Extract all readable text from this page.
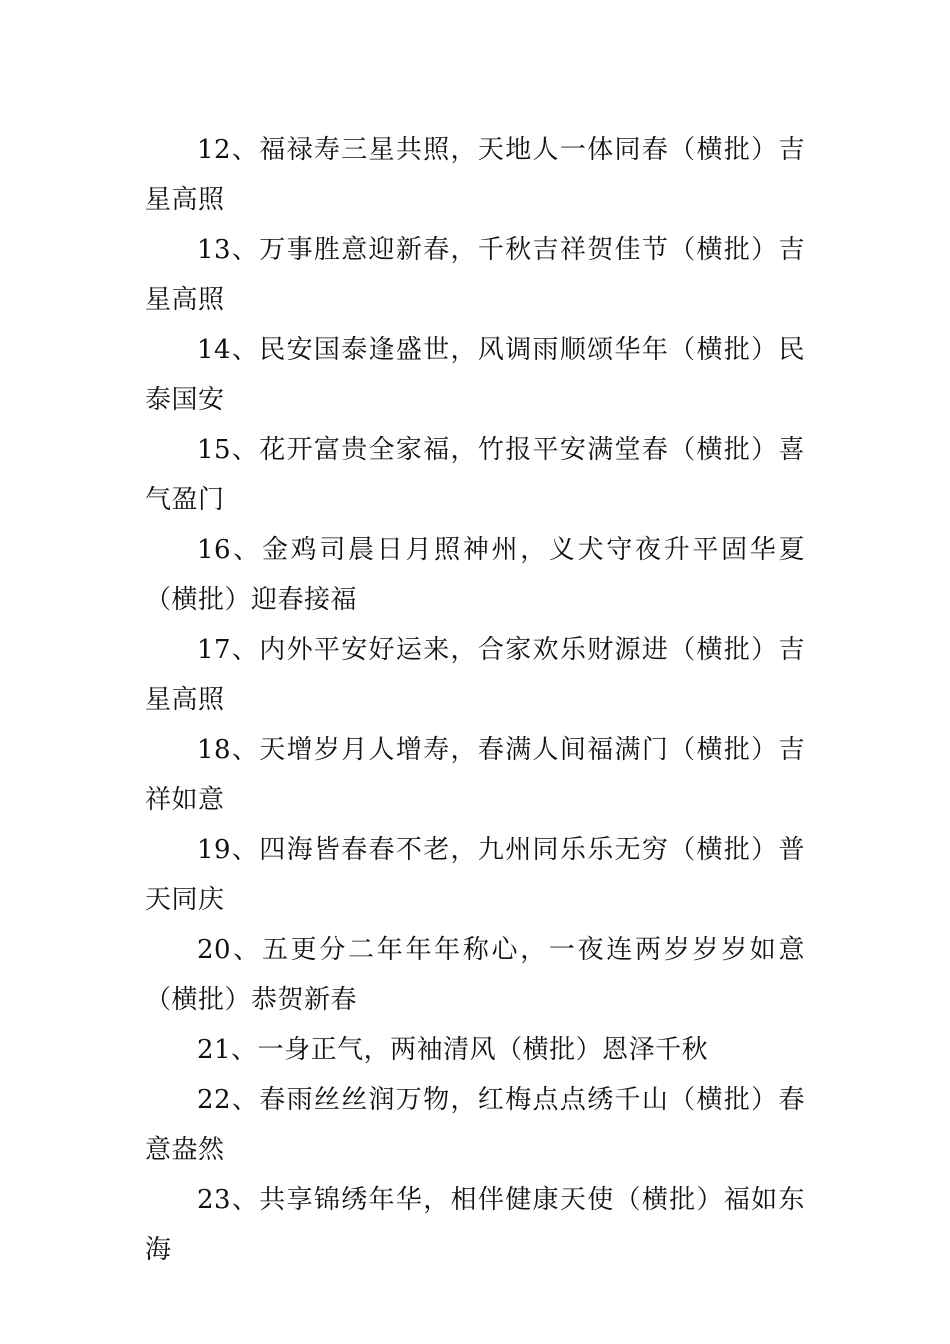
12、福禄寿三星共照，天地人一体同春（横批）吉星高照

13、万事胜意迎新春，千秋吉祥贺佳节（横批）吉星高照

14、民安国泰逢盛世，风调雨顺颂华年（横批）民泰国安

15、花开富贵全家福，竹报平安满堂春（横批）喜气盈门

16、金鸡司晨日月照神州，义犬守夜升平固华夏（横批）迎春接福

17、内外平安好运来，合家欢乐财源进（横批）吉星高照

18、天增岁月人增寿，春满人间福满门（横批）吉祥如意

19、四海皆春春不老，九州同乐乐无穷（横批）普天同庆

20、五更分二年年年称心，一夜连两岁岁岁如意（横批）恭贺新春

21、一身正气，两袖清风（横批）恩泽千秋

22、春雨丝丝润万物，红梅点点绣千山（横批）春意盎然

23、共享锦绣年华，相伴健康天使（横批）福如东海
